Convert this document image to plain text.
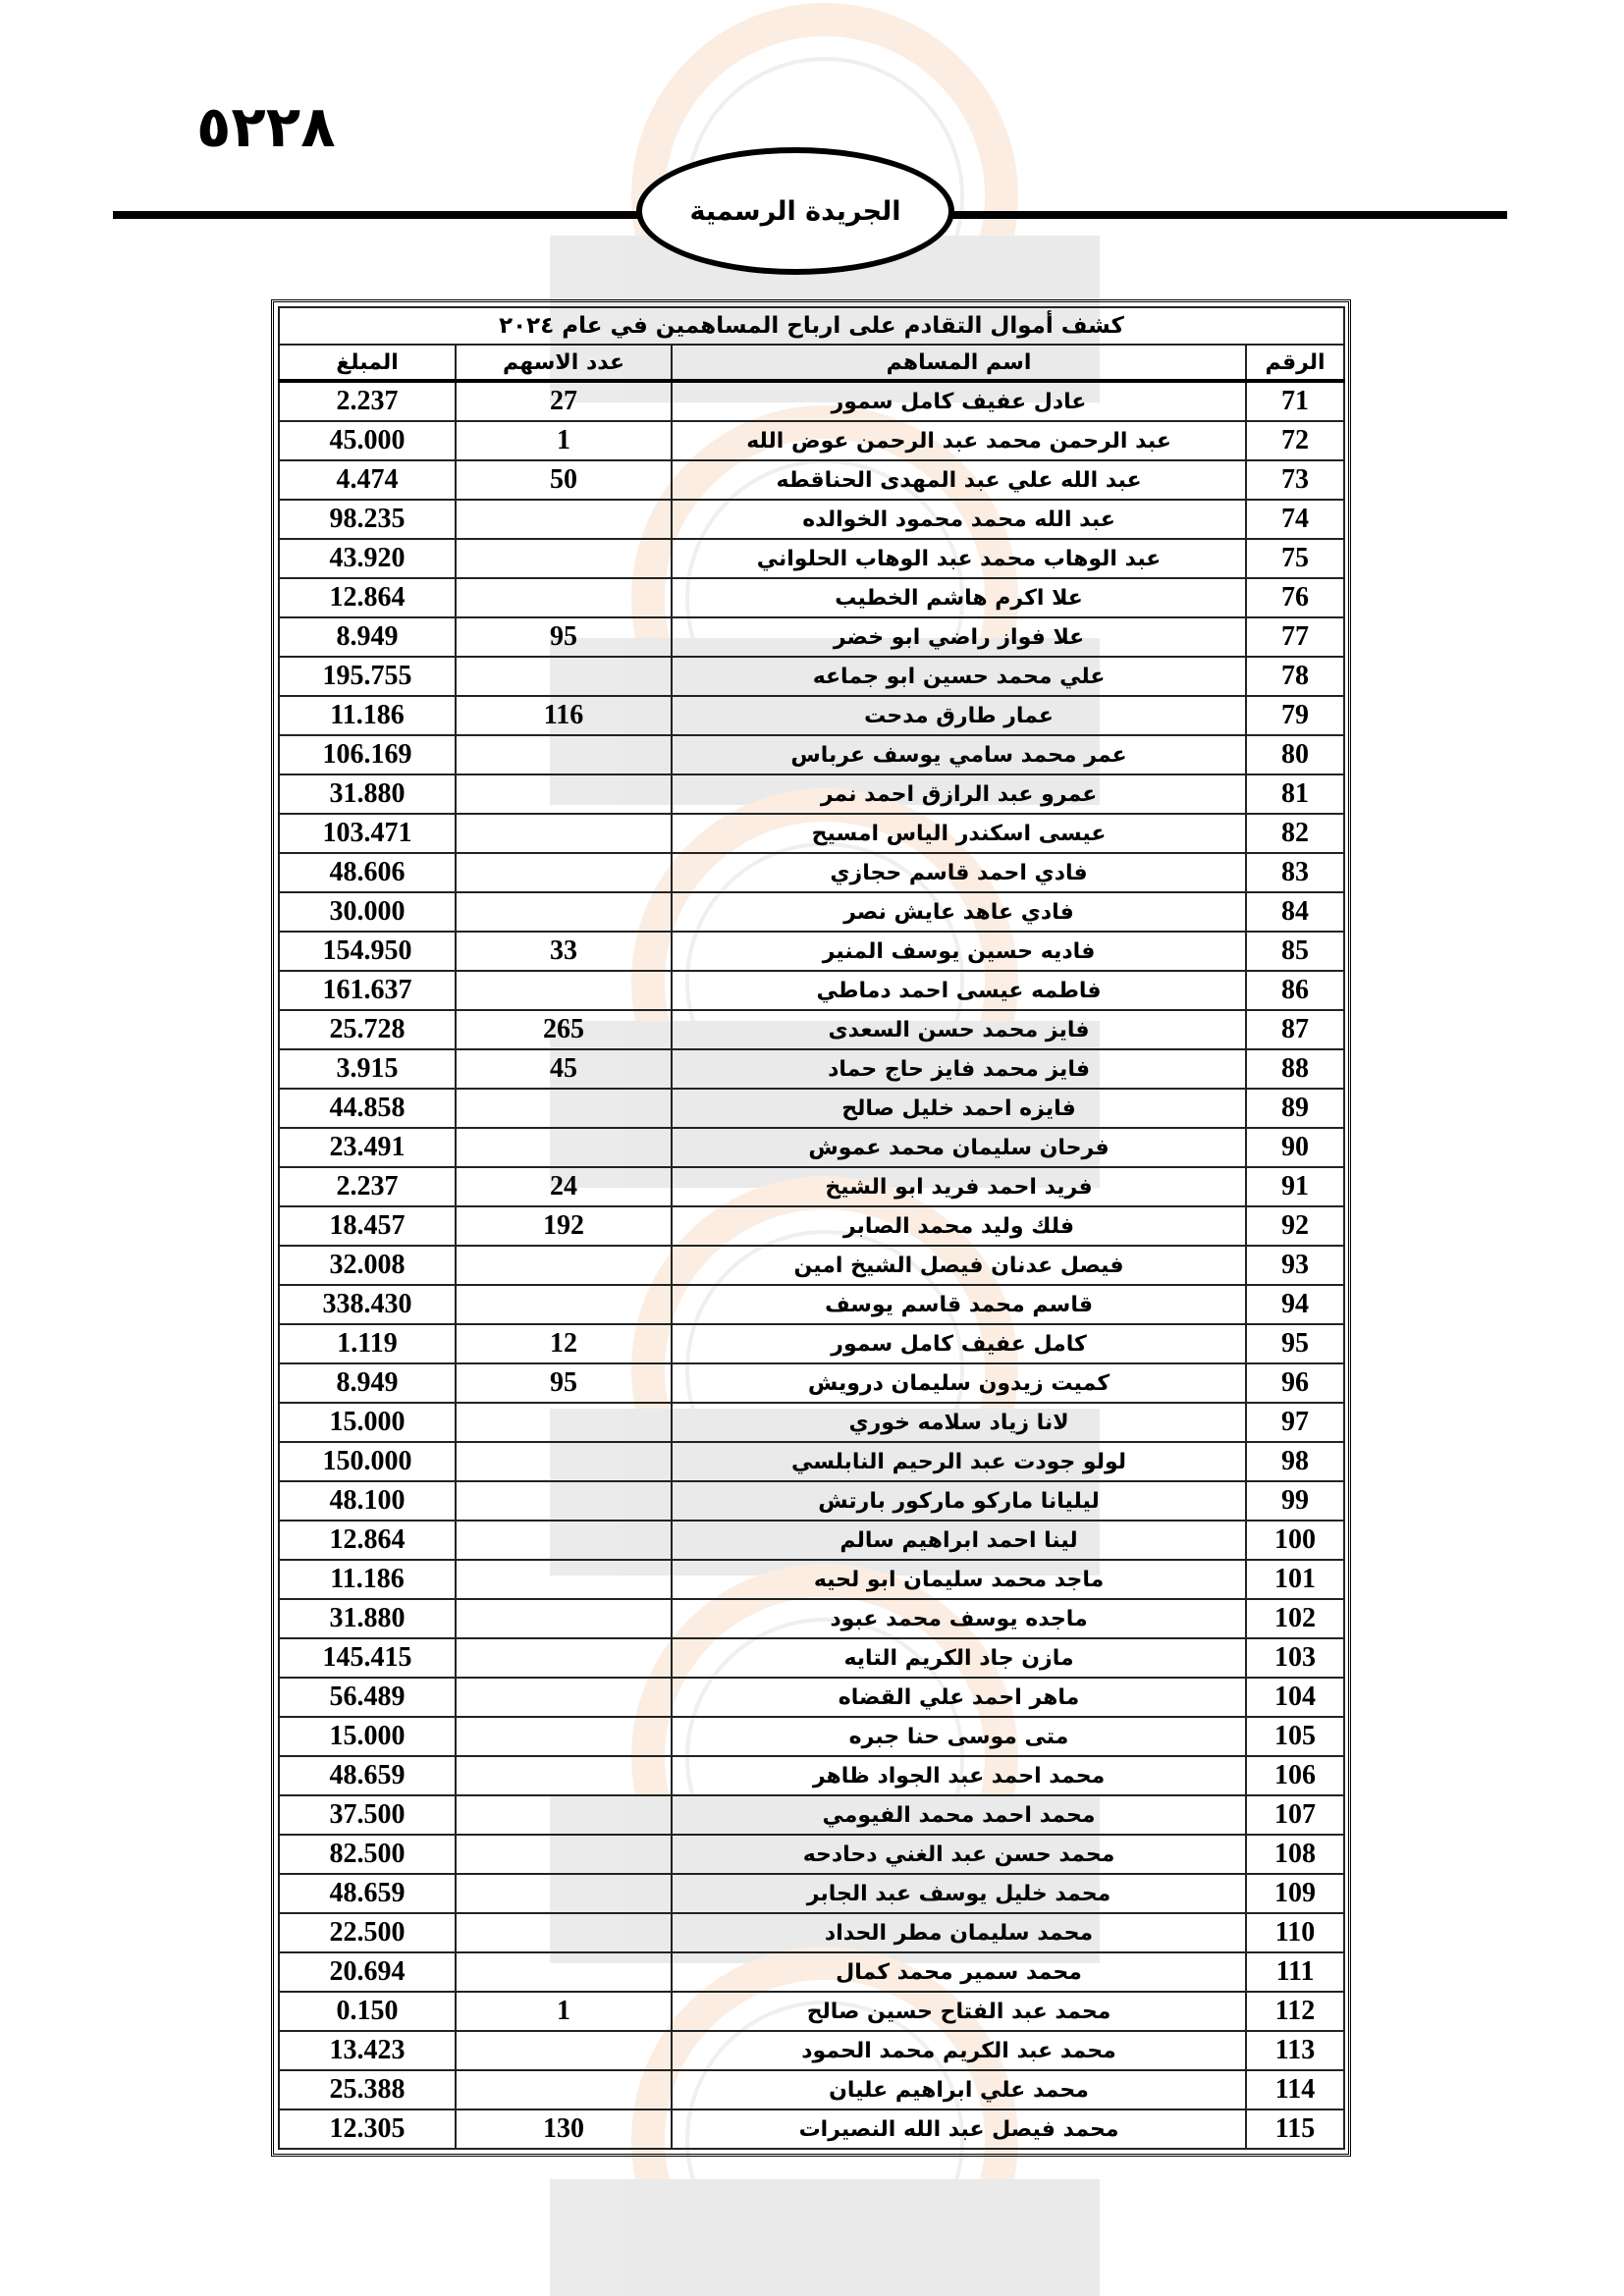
٥٢٢٨
الجريدة الرسمية
كشف أموال التقادم على ارباح المساهمين في عام ٢٠٢٤			
الرقم	اسم المساهم	عدد الاسهم	المبلغ
71	عادل عفيف كامل سمور	27	2.237
72	عبد الرحمن محمد عبد الرحمن عوض الله	1	45.000
73	عبد الله علي عبد المهدى الحناقطه	50	4.474
74	عبد الله محمد محمود الخوالده		98.235
75	عبد الوهاب محمد عبد الوهاب الحلواني		43.920
76	علا اكرم هاشم الخطيب		12.864
77	علا فواز راضي ابو خضر	95	8.949
78	علي محمد حسين ابو جماعه		195.755
79	عمار طارق مدحت	116	11.186
80	عمر محمد سامي يوسف عرباس		106.169
81	عمرو عبد الرازق احمد نمر		31.880
82	عيسى اسكندر الياس امسيح		103.471
83	فادي احمد قاسم حجازي		48.606
84	فادي عاهد عايش نصر		30.000
85	فاديه حسين يوسف المنير	33	154.950
86	فاطمه عيسى احمد دماطي		161.637
87	فايز محمد حسن السعدى	265	25.728
88	فايز محمد فايز حاج حماد	45	3.915
89	فايزه احمد خليل صالح		44.858
90	فرحان سليمان محمد عموش		23.491
91	فريد احمد فريد ابو الشيخ	24	2.237
92	فلك وليد محمد الصابر	192	18.457
93	فيصل عدنان فيصل الشيخ امين		32.008
94	قاسم محمد قاسم يوسف		338.430
95	كامل عفيف كامل سمور	12	1.119
96	كميت زيدون سليمان درويش	95	8.949
97	لانا زياد سلامه خوري		15.000
98	لولو جودت عبد الرحيم النابلسي		150.000
99	ليليانا ماركو ماركور بارتش		48.100
100	لينا احمد ابراهيم سالم		12.864
101	ماجد محمد سليمان ابو لحيه		11.186
102	ماجده يوسف محمد عبود		31.880
103	مازن جاد الكريم التايه		145.415
104	ماهر احمد علي القضاه		56.489
105	متى موسى حنا جبره		15.000
106	محمد احمد عبد الجواد ظاهر		48.659
107	محمد احمد محمد الفيومي		37.500
108	محمد حسن عبد الغني دحادحه		82.500
109	محمد خليل يوسف عبد الجابر		48.659
110	محمد سليمان مطر الحداد		22.500
111	محمد سمير محمد كمال		20.694
112	محمد عبد الفتاح حسين صالح	1	0.150
113	محمد عبد الكريم محمد الحمود		13.423
114	محمد علي ابراهيم عليان		25.388
115	محمد فيصل عبد الله النصيرات	130	12.305
